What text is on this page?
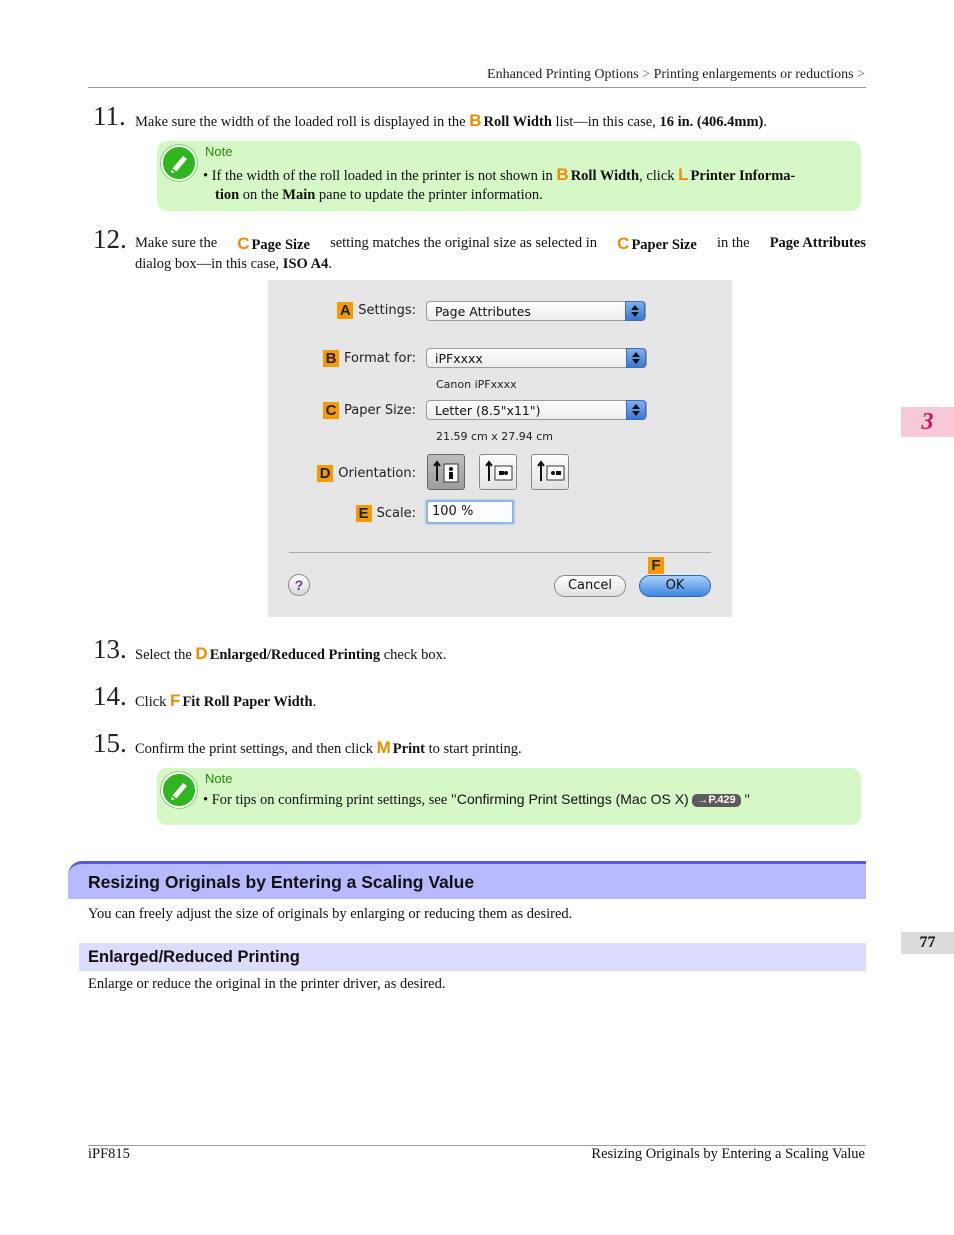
Enhanced Printing Options > Printing enlargements or reductions >
11. Make sure the width of the loaded roll is displayed in the B Roll Width list—in this case, 16 in. (406.4mm).
Note
• If the width of the roll loaded in the printer is not shown in B Roll Width, click L Printer Informa-
tion on the Main pane to update the printer information.
12. Make sure the C Page Size setting matches the original size as selected in C Paper Size in the Page Attributes
dialog box—in this case, ISO A4.
A Settings:	Page Attributes
B Format for:	iPFxxxx
Canon iPFxxxx
C Paper Size:	Letter (8.5"x11")
21.59 cm x 27.94 cm
D Orientation:
E Scale:	100 %
?
F
Cancel	OK
13. Select the D Enlarged/Reduced Printing check box.
14. Click F Fit Roll Paper Width.
15. Confirm the print settings, and then click M Print to start printing.
Note
• For tips on confirming print settings, see "Confirming Print Settings (Mac OS X) →P.429 "
Resizing Originals by Entering a Scaling Value
You can freely adjust the size of originals by enlarging or reducing them as desired.
Enlarged/Reduced Printing
Enlarge or reduce the original in the printer driver, as desired.
3
77
iPF815	Resizing Originals by Entering a Scaling Value
